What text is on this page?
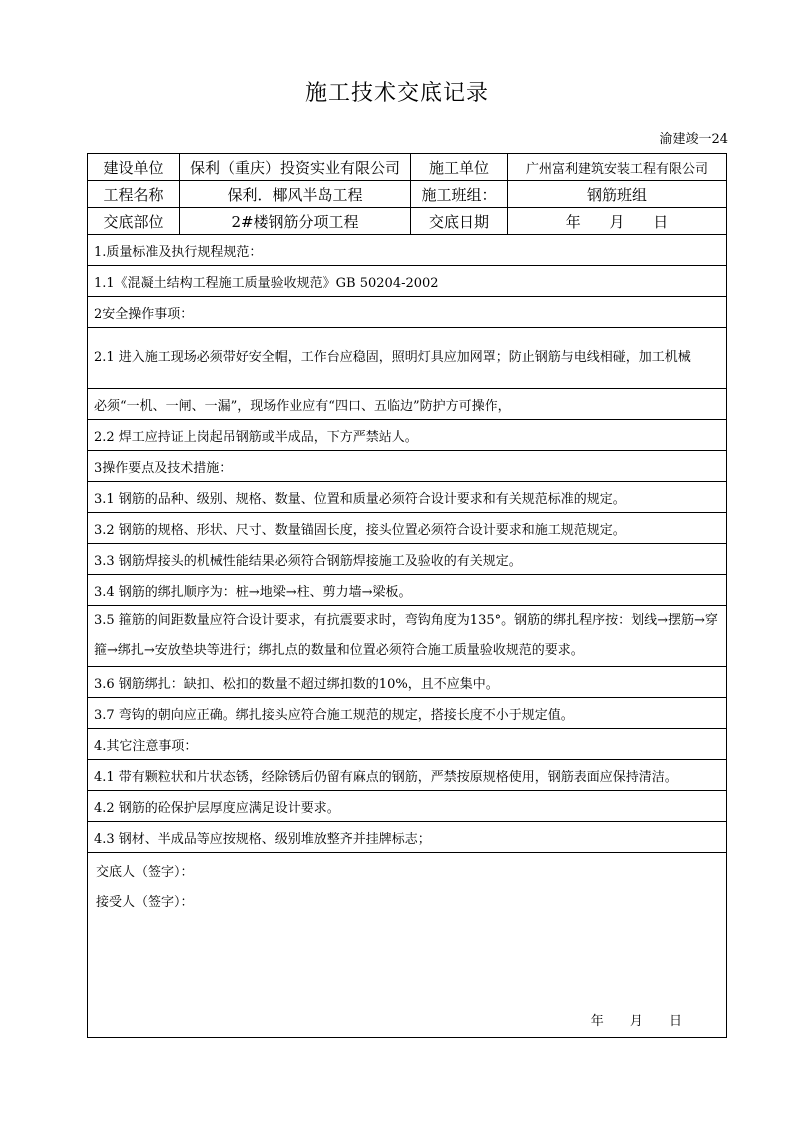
施工技术交底记录
渝建竣一24
建设单位	保利（重庆）投资实业有限公司	施工单位	广州富利建筑安装工程有限公司
工程名称	保利．椰风半岛工程	施工班组：	钢筋班组
交底部位	2#楼钢筋分项工程	交底日期	年 月 日
1.质量标准及执行规程规范：			
1.1《混凝土结构工程施工质量验收规范》GB 50204-2002			
2安全操作事项：			
2.1 进入施工现场必须带好安全帽，工作台应稳固，照明灯具应加网罩；防止钢筋与电线相碰，加工机械			
必须“一机、一闸、一漏”，现场作业应有“四口、五临边”防护方可操作，			
2.2 焊工应持证上岗起吊钢筋或半成品，下方严禁站人。			
3操作要点及技术措施：			
3.1 钢筋的品种、级别、规格、数量、位置和质量必须符合设计要求和有关规范标准的规定。			
3.2 钢筋的规格、形状、尺寸、数量锚固长度，接头位置必须符合设计要求和施工规范规定。			
3.3 钢筋焊接头的机械性能结果必须符合钢筋焊接施工及验收的有关规定。			
3.4 钢筋的绑扎顺序为：桩→地梁→柱、剪力墙→梁板。			
3.5 箍筋的间距数量应符合设计要求，有抗震要求时，弯钩角度为135°。钢筋的绑扎程序按：划线→摆筋→穿箍→绑扎→安放垫块等进行；绑扎点的数量和位置必须符合施工质量验收规范的要求。			
3.6 钢筋绑扎：缺扣、松扣的数量不超过绑扣数的10%，且不应集中。			
3.7 弯钩的朝向应正确。绑扎接头应符合施工规范的规定，搭接长度不小于规定值。			
4.其它注意事项：			
4.1 带有颗粒状和片状态锈，经除锈后仍留有麻点的钢筋，严禁按原规格使用，钢筋表面应保持清洁。			
4.2 钢筋的砼保护层厚度应满足设计要求。			
4.3 钢材、半成品等应按规格、级别堆放整齐并挂牌标志；			

交底人（签字）：
接受人（签字）：
年 月 日			
